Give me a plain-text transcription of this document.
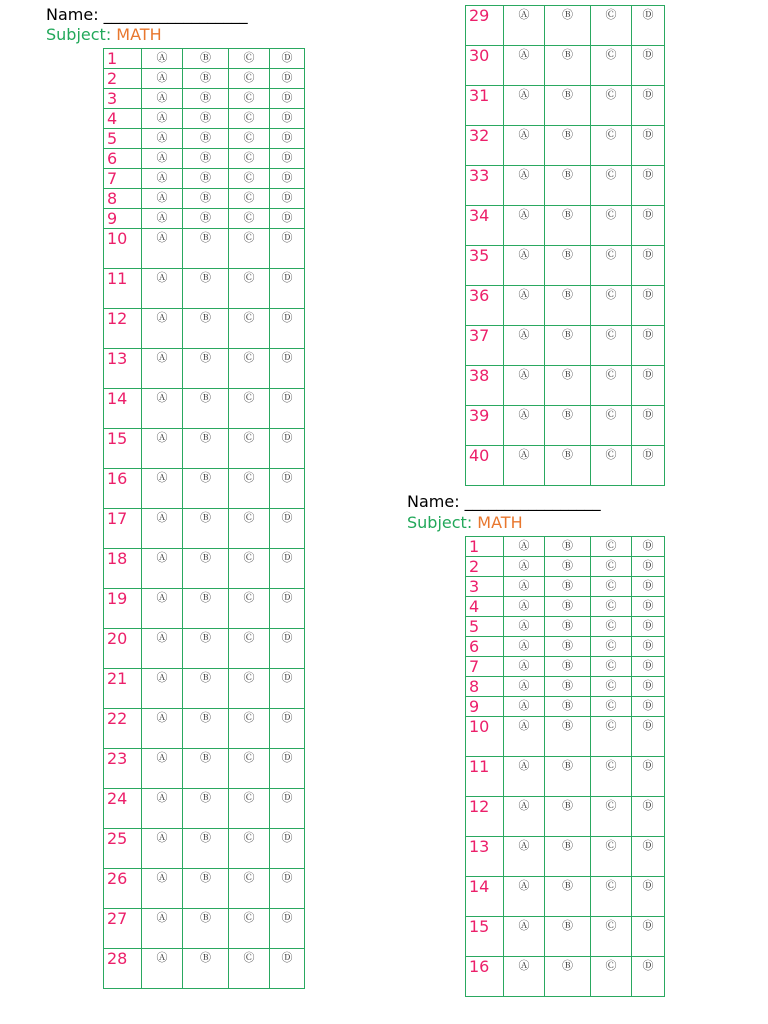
Name: __________________
Subject: MATH
1	Ⓐ	Ⓑ	Ⓒ	Ⓓ
2	Ⓐ	Ⓑ	Ⓒ	Ⓓ
3	Ⓐ	Ⓑ	Ⓒ	Ⓓ
4	Ⓐ	Ⓑ	Ⓒ	Ⓓ
5	Ⓐ	Ⓑ	Ⓒ	Ⓓ
6	Ⓐ	Ⓑ	Ⓒ	Ⓓ
7	Ⓐ	Ⓑ	Ⓒ	Ⓓ
8	Ⓐ	Ⓑ	Ⓒ	Ⓓ
9	Ⓐ	Ⓑ	Ⓒ	Ⓓ
10	Ⓐ	Ⓑ	Ⓒ	Ⓓ
11	Ⓐ	Ⓑ	Ⓒ	Ⓓ
12	Ⓐ	Ⓑ	Ⓒ	Ⓓ
13	Ⓐ	Ⓑ	Ⓒ	Ⓓ
14	Ⓐ	Ⓑ	Ⓒ	Ⓓ
15	Ⓐ	Ⓑ	Ⓒ	Ⓓ
16	Ⓐ	Ⓑ	Ⓒ	Ⓓ
17	Ⓐ	Ⓑ	Ⓒ	Ⓓ
18	Ⓐ	Ⓑ	Ⓒ	Ⓓ
19	Ⓐ	Ⓑ	Ⓒ	Ⓓ
20	Ⓐ	Ⓑ	Ⓒ	Ⓓ
21	Ⓐ	Ⓑ	Ⓒ	Ⓓ
22	Ⓐ	Ⓑ	Ⓒ	Ⓓ
23	Ⓐ	Ⓑ	Ⓒ	Ⓓ
24	Ⓐ	Ⓑ	Ⓒ	Ⓓ
25	Ⓐ	Ⓑ	Ⓒ	Ⓓ
26	Ⓐ	Ⓑ	Ⓒ	Ⓓ
27	Ⓐ	Ⓑ	Ⓒ	Ⓓ
28	Ⓐ	Ⓑ	Ⓒ	Ⓓ
29	Ⓐ	Ⓑ	Ⓒ	Ⓓ
30	Ⓐ	Ⓑ	Ⓒ	Ⓓ
31	Ⓐ	Ⓑ	Ⓒ	Ⓓ
32	Ⓐ	Ⓑ	Ⓒ	Ⓓ
33	Ⓐ	Ⓑ	Ⓒ	Ⓓ
34	Ⓐ	Ⓑ	Ⓒ	Ⓓ
35	Ⓐ	Ⓑ	Ⓒ	Ⓓ
36	Ⓐ	Ⓑ	Ⓒ	Ⓓ
37	Ⓐ	Ⓑ	Ⓒ	Ⓓ
38	Ⓐ	Ⓑ	Ⓒ	Ⓓ
39	Ⓐ	Ⓑ	Ⓒ	Ⓓ
40	Ⓐ	Ⓑ	Ⓒ	Ⓓ
Name: _________________
Subject: MATH
1	Ⓐ	Ⓑ	Ⓒ	Ⓓ
2	Ⓐ	Ⓑ	Ⓒ	Ⓓ
3	Ⓐ	Ⓑ	Ⓒ	Ⓓ
4	Ⓐ	Ⓑ	Ⓒ	Ⓓ
5	Ⓐ	Ⓑ	Ⓒ	Ⓓ
6	Ⓐ	Ⓑ	Ⓒ	Ⓓ
7	Ⓐ	Ⓑ	Ⓒ	Ⓓ
8	Ⓐ	Ⓑ	Ⓒ	Ⓓ
9	Ⓐ	Ⓑ	Ⓒ	Ⓓ
10	Ⓐ	Ⓑ	Ⓒ	Ⓓ
11	Ⓐ	Ⓑ	Ⓒ	Ⓓ
12	Ⓐ	Ⓑ	Ⓒ	Ⓓ
13	Ⓐ	Ⓑ	Ⓒ	Ⓓ
14	Ⓐ	Ⓑ	Ⓒ	Ⓓ
15	Ⓐ	Ⓑ	Ⓒ	Ⓓ
16	Ⓐ	Ⓑ	Ⓒ	Ⓓ
